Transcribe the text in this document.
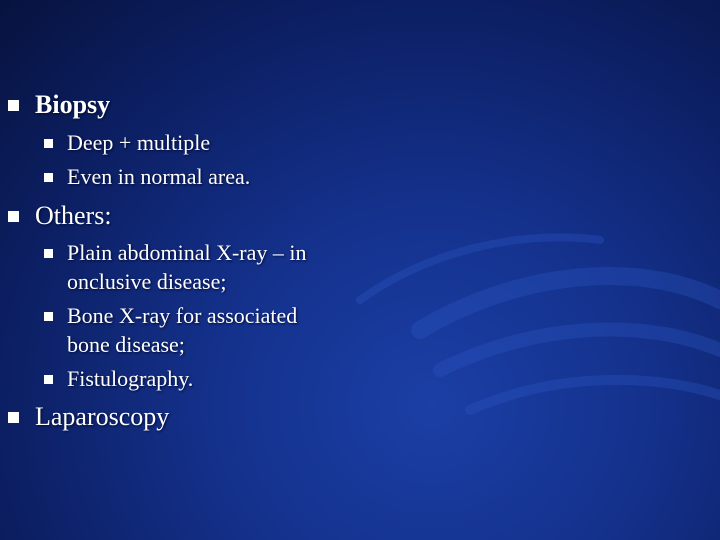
Biopsy
Deep + multiple
Even in normal area.
Others:
Plain abdominal X-ray – in
onclusive disease;
Bone X-ray for associated
bone disease;
Fistulography.
Laparoscopy
